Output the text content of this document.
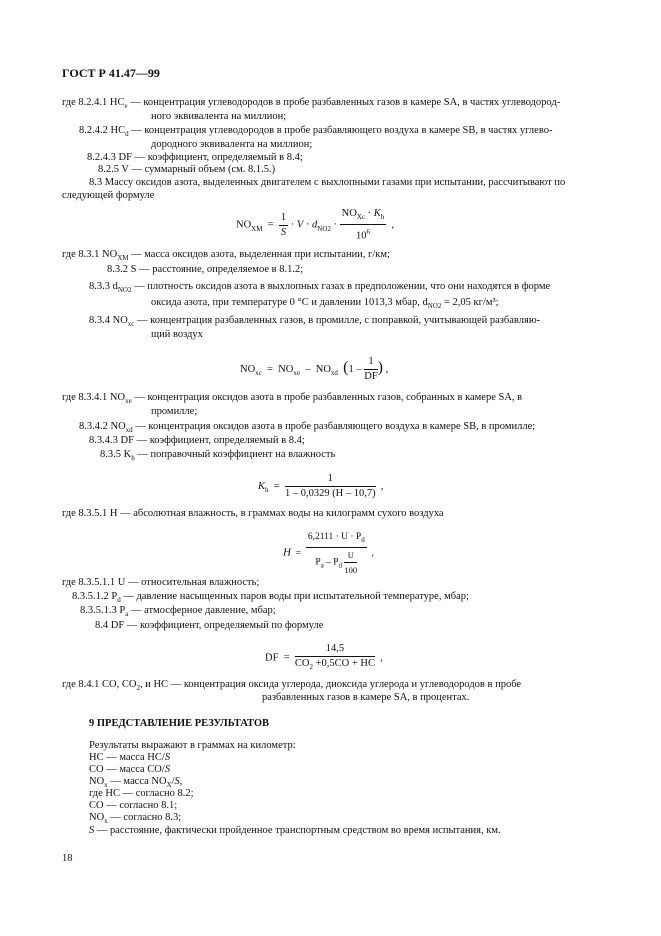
ГОСТ Р 41.47—99
где 8.2.4.1 $HC_e$ — концентрация углеводородов в пробе разбавленных газов в камере SA, в частях углеводород-
ного эквивалента на миллион;
8.2.4.2 $HC_d$ — концентрация углеводородов в пробе разбавляющего воздуха в камере SB, в частях углево-
дородного эквивалента на миллион;
8.2.4.3 DF — коэффициент, определяемый в 8.4;
8.2.5 V — суммарный объем (см. 8.1.5.)
8.3 Массу оксидов азота, выделенных двигателем с выхлопными газами при испытании, рассчитывают по
следующей формуле
$NO_{XM} = \frac{1}{S} \cdot V \cdot d_{NO2} \cdot \frac{NO_{Xc} \cdot K_h}{10^6}$ ,
где 8.3.1 $NO_{XM}$ — масса оксидов азота, выделенная при испытании, г/км;
8.3.2 S — расстояние, определяемое в 8.1.2;
8.3.3 $d_{NO2}$ — плотность оксидов азота в выхлопных газах в предположении, что они находятся в форме
оксида азота, при температуре 0 °C и давлении 1013,3 мбар, $d_{NO2} = 2,05$ кг/м³;
8.3.4 $NO_{xc}$ — концентрация разбавленных газов, в промилле, с поправкой, учитывающей разбавляю-
щий воздух
$NO_{xc} = NO_{xe} - NO_{xd}$ ($1 - \frac{1}{DF}$ ) ,
где 8.3.4.1 $NO_{xe}$ — концентрация оксидов азота в пробе разбавленных газов, собранных в камере SA, в
промилле;
8.3.4.2 $NO_{xd}$ — концентрация оксидов азота в пробе разбавляющего воздуха в камере SB, в промилле;
8.3.4.3 DF — коэффициент, определяемый в 8.4;
8.3.5 $K_h$ — поправочный коэффициент на влажность
$K_h = \frac{1}{1 - 0,0329 (H - 10,7)}$ ,
где 8.3.5.1 H — абсолютная влажность, в граммах воды на килограмм сухого воздуха
$H = \frac{6,2111 \cdot U \cdot P_d}{P_a - P_d \frac{U}{100}}$ ,
где 8.3.5.1.1 U — относительная влажность;
8.3.5.1.2 $P_d$ — давление насыщенных паров воды при испытательной температуре, мбар;
8.3.5.1.3 $P_a$ — атмосферное давление, мбар;
8.4 DF — коэффициент, определяемый по формуле
DF = $\frac{14,5}{CO_2 +0,5CO + HC}$ ,
где 8.4.1 CO, $CO_2$, и HC — концентрация оксида углерода, диоксида углерода и углеводородов в пробе
разбавленных газов в камере SA, в процентах.
9 ПРЕДСТАВЛЕНИЕ РЕЗУЛЬТАТОВ
Результаты выражают в граммах на километр:
HC — масса HC/S
CO — масса CO/S
$NO_x$ — масса $NO_X/S$,
где HC — согласно 8.2;
CO — согласно 8.1;
$NO_x$ — согласно 8.3;
S — расстояние, фактически пройденное транспортным средством во время испытания, км.
18
